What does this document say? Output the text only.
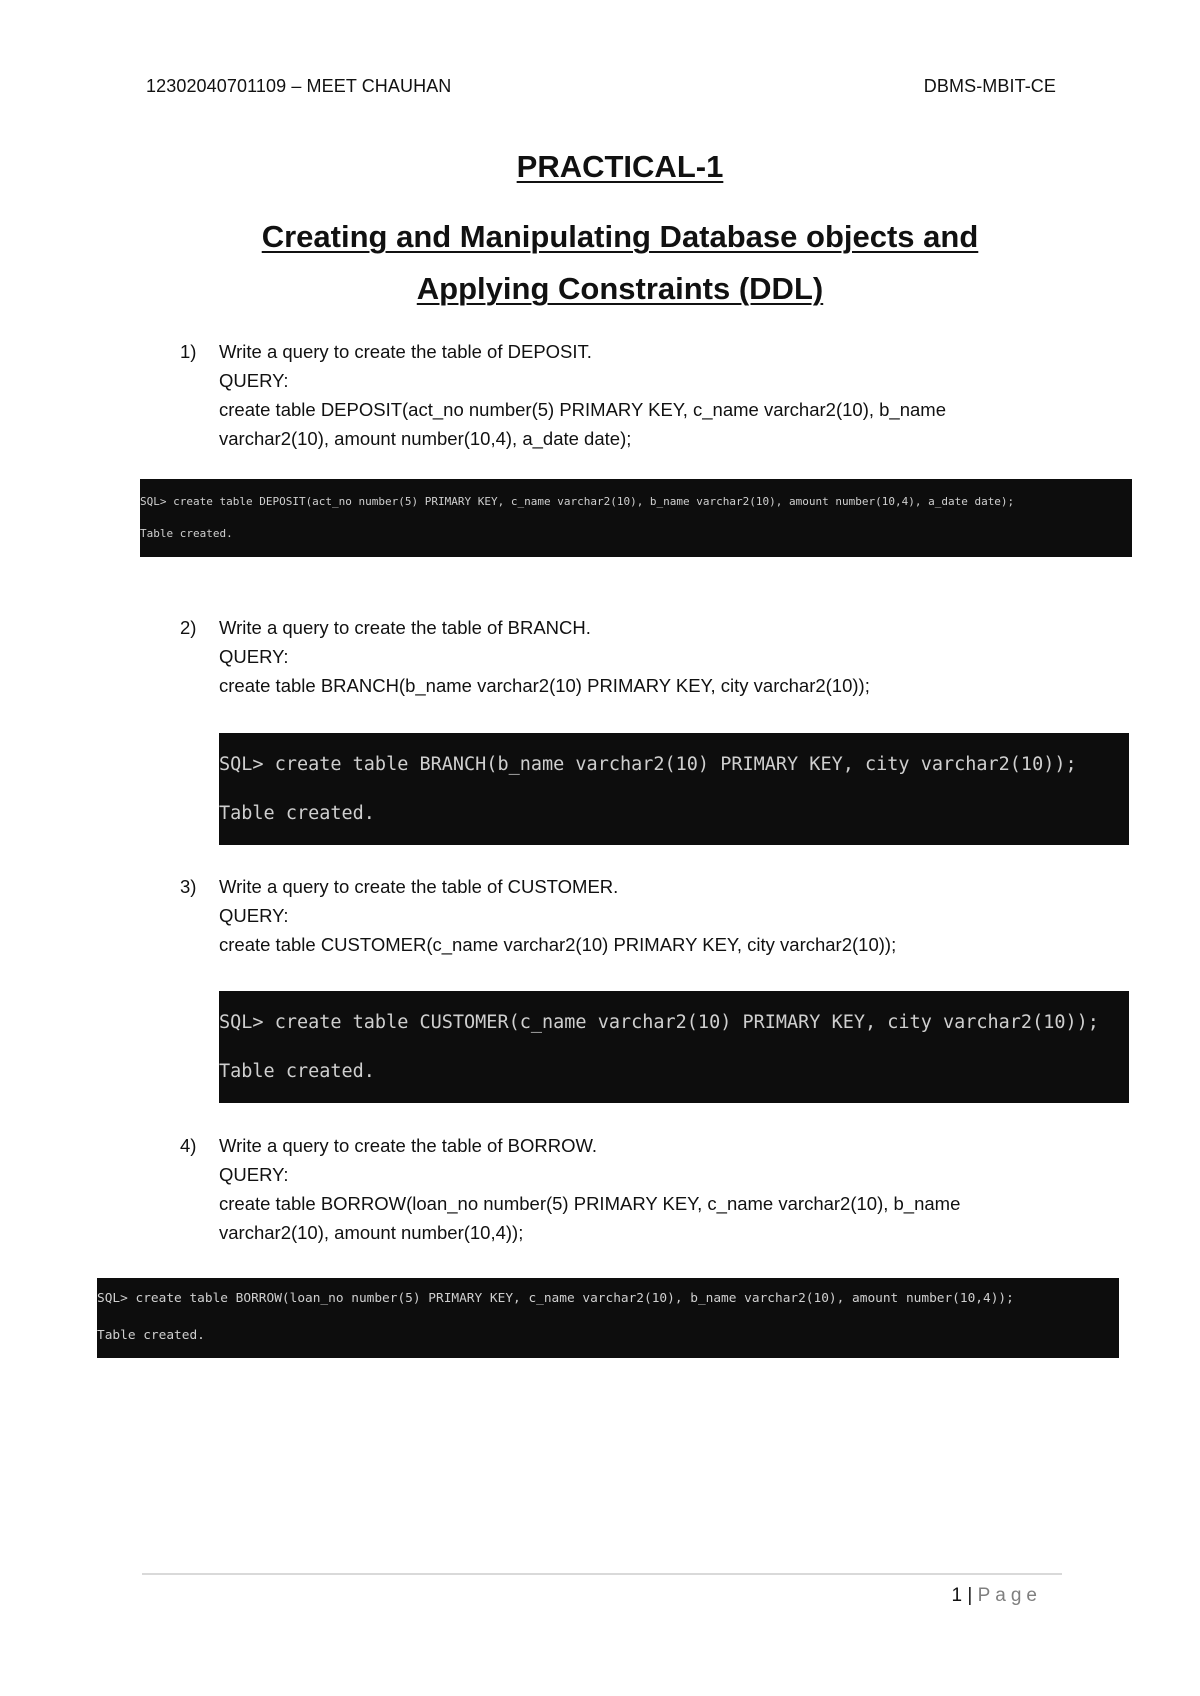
12302040701109 – MEET CHAUHAN	DBMS-MBIT-CE
PRACTICAL-1
Creating and Manipulating Database objects and
Applying Constraints (DDL)
1) Write a query to create the table of DEPOSIT.

QUERY:

create table DEPOSIT(act_no number(5) PRIMARY KEY, c_name varchar2(10), b_name

varchar2(10), amount number(10,4), a_date date);

SQL> create table DEPOSIT(act_no number(5) PRIMARY KEY, c_name varchar2(10), b_name varchar2(10), amount number(10,4), a_date date);

Table created.

2) Write a query to create the table of BRANCH.

QUERY:

create table BRANCH(b_name varchar2(10) PRIMARY KEY, city varchar2(10));

SQL> create table BRANCH(b_name varchar2(10) PRIMARY KEY, city varchar2(10));

Table created.

3) Write a query to create the table of CUSTOMER.

QUERY:

create table CUSTOMER(c_name varchar2(10) PRIMARY KEY, city varchar2(10));

SQL> create table CUSTOMER(c_name varchar2(10) PRIMARY KEY, city varchar2(10));

Table created.

4) Write a query to create the table of BORROW.

QUERY:

create table BORROW(loan_no number(5) PRIMARY KEY, c_name varchar2(10), b_name

varchar2(10), amount number(10,4));

SQL> create table BORROW(loan_no number(5) PRIMARY KEY, c_name varchar2(10), b_name varchar2(10), amount number(10,4));

Table created.

1 | Page
